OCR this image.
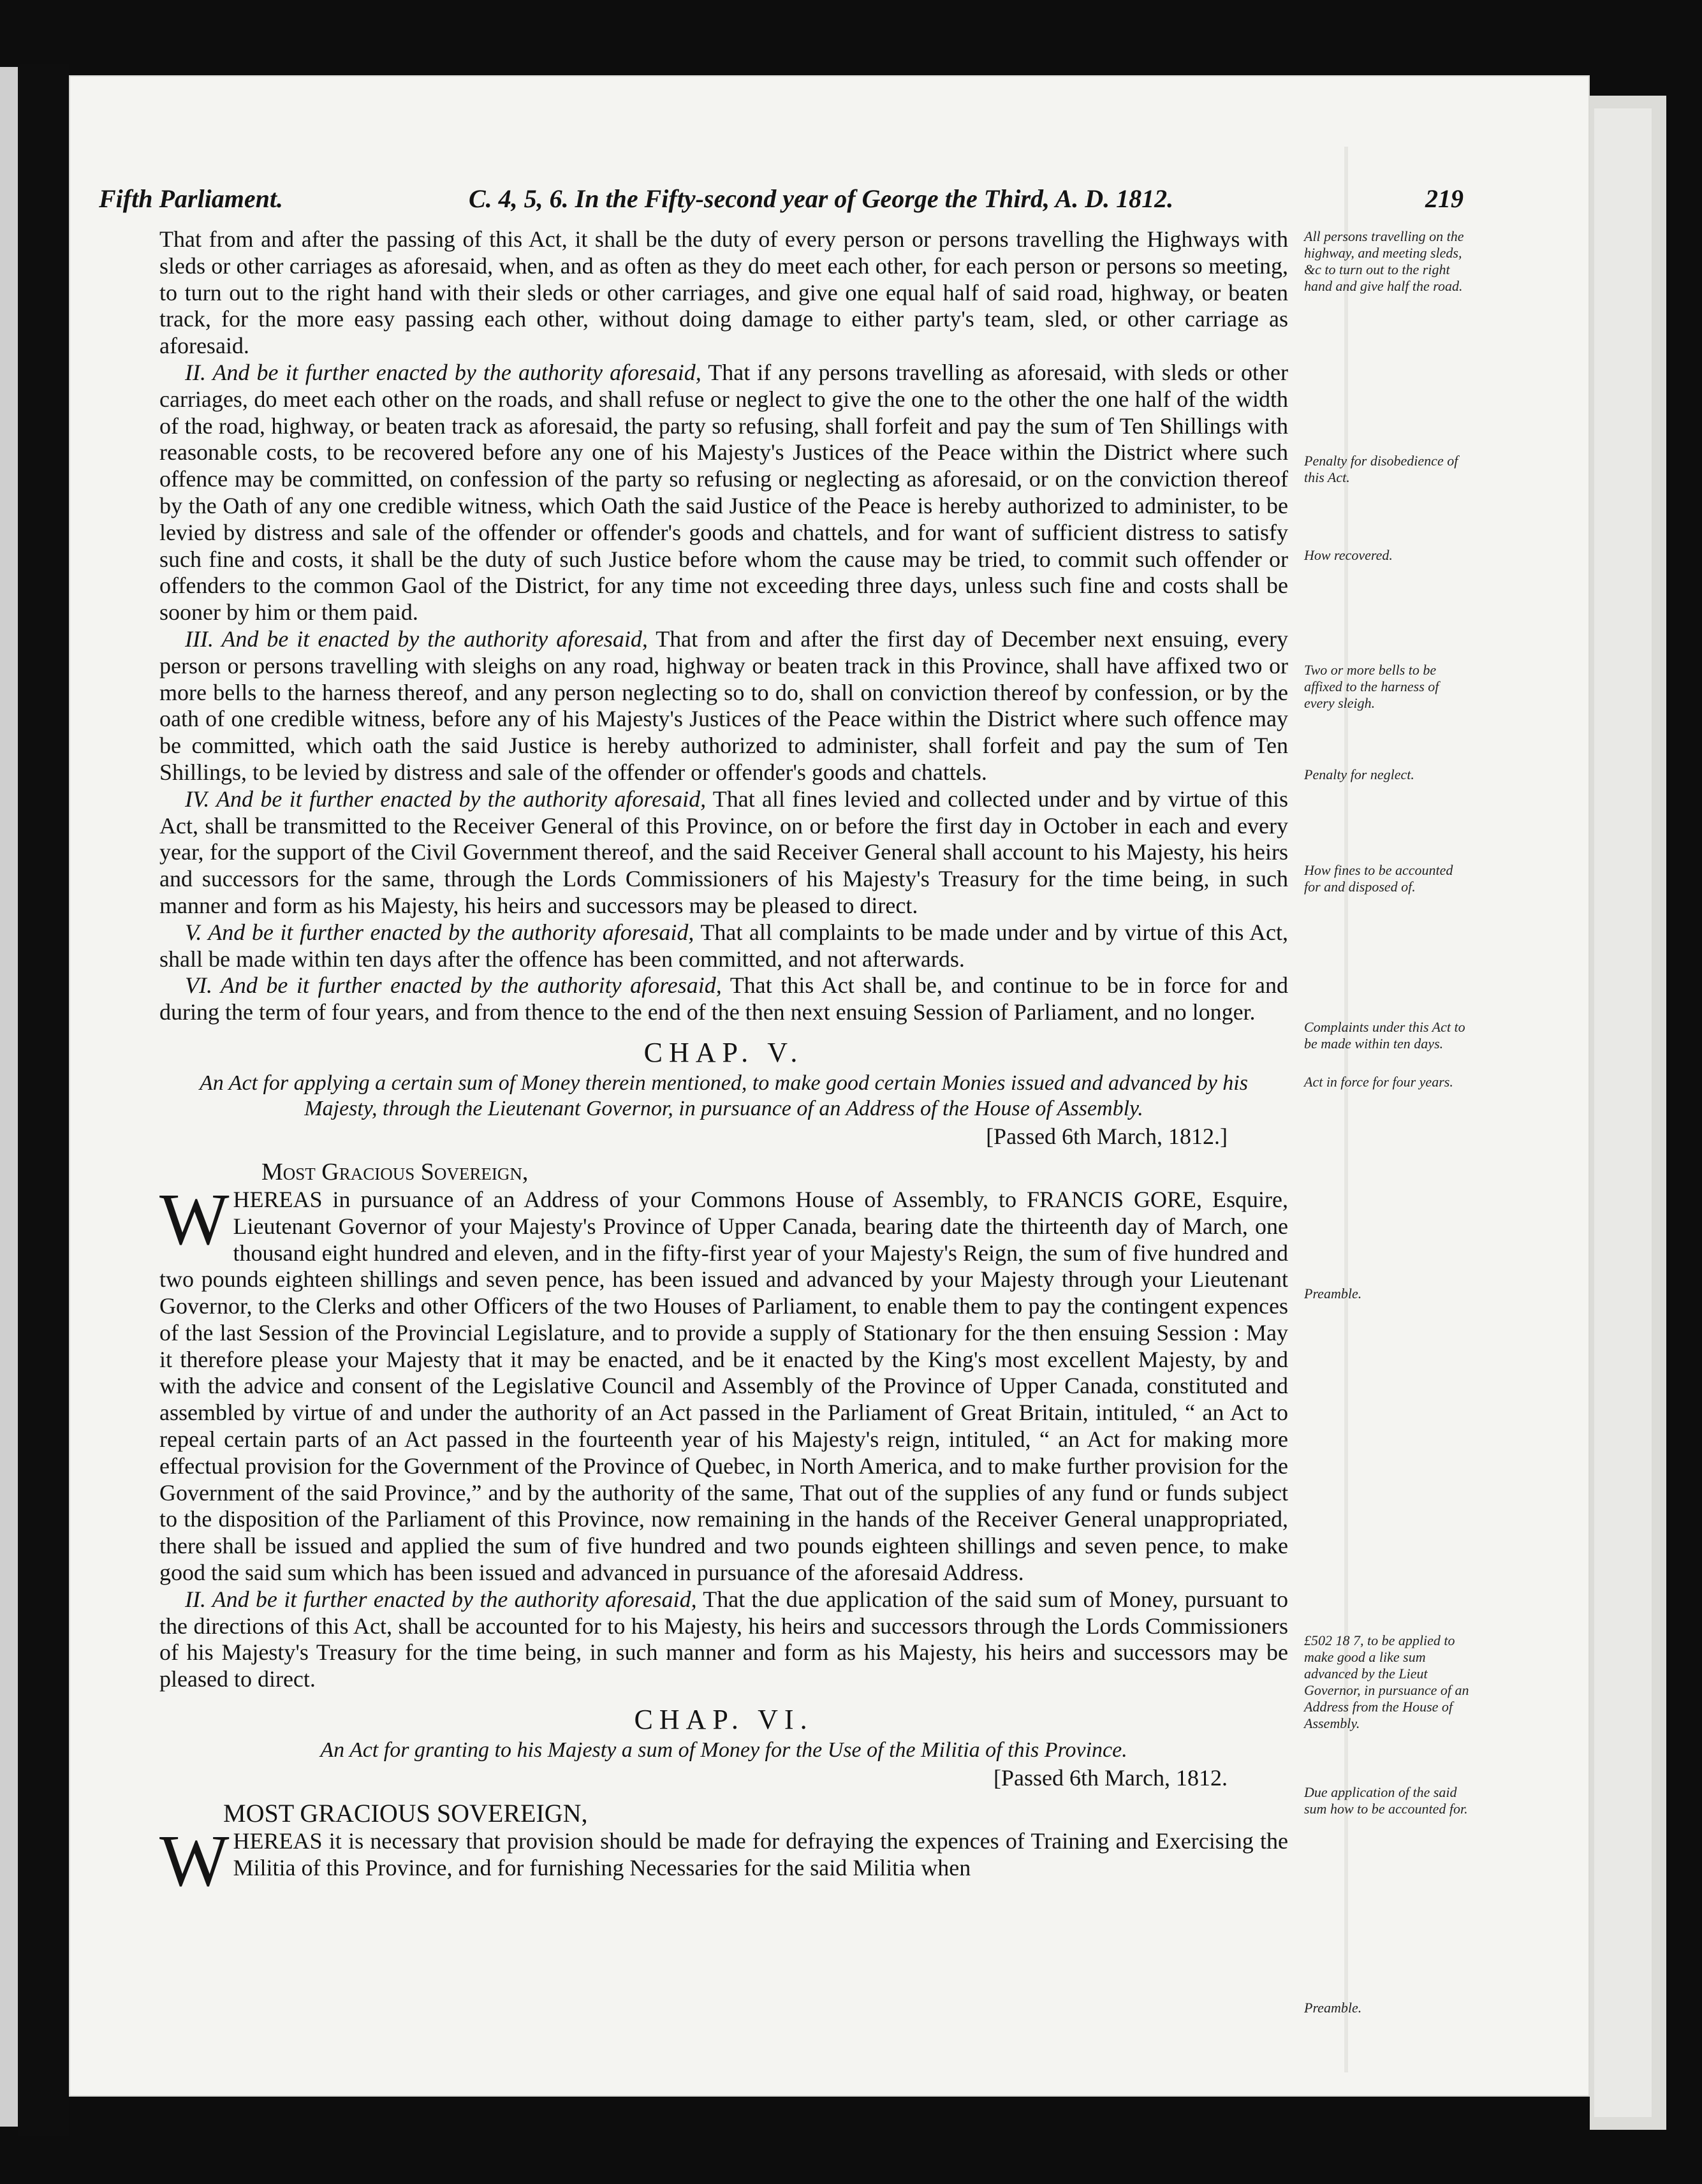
Fifth Parliament.	C. 4, 5, 6. In the Fifty-second year of George the Third, A. D. 1812.	219

That from and after the passing of this Act, it shall be the duty of every person or persons travelling the Highways with sleds or other carriages as aforesaid, when, and as often as they do meet each other, for each person or persons so meeting, to turn out to the right hand with their sleds or other carriages, and give one equal half of said road, highway, or beaten track, for the more easy passing each other, without doing damage to either party's team, sled, or other carriage as aforesaid.

II. And be it further enacted by the authority aforesaid, That if any persons travelling as aforesaid, with sleds or other carriages, do meet each other on the roads, and shall refuse or neglect to give the one to the other the one half of the width of the road, highway, or beaten track as aforesaid, the party so refusing, shall forfeit and pay the sum of Ten Shillings with reasonable costs, to be recovered before any one of his Majesty's Justices of the Peace within the District where such offence may be committed, on confession of the party so refusing or neglecting as aforesaid, or on the conviction thereof by the Oath of any one credible witness, which Oath the said Justice of the Peace is hereby authorized to administer, to be levied by distress and sale of the offender or offender's goods and chattels, and for want of sufficient distress to satisfy such fine and costs, it shall be the duty of such Justice before whom the cause may be tried, to commit such offender or offenders to the common Gaol of the District, for any time not exceeding three days, unless such fine and costs shall be sooner by him or them paid.

III. And be it enacted by the authority aforesaid, That from and after the first day of December next ensuing, every person or persons travelling with sleighs on any road, highway or beaten track in this Province, shall have affixed two or more bells to the harness thereof, and any person neglecting so to do, shall on conviction thereof by confession, or by the oath of one credible witness, before any of his Majesty's Justices of the Peace within the District where such offence may be committed, which oath the said Justice is hereby authorized to administer, shall forfeit and pay the sum of Ten Shillings, to be levied by distress and sale of the offender or offender's goods and chattels.

IV. And be it further enacted by the authority aforesaid, That all fines levied and collected under and by virtue of this Act, shall be transmitted to the Receiver General of this Province, on or before the first day in October in each and every year, for the support of the Civil Government thereof, and the said Receiver General shall account to his Majesty, his heirs and successors for the same, through the Lords Commissioners of his Majesty's Treasury for the time being, in such manner and form as his Majesty, his heirs and successors may be pleased to direct.

V. And be it further enacted by the authority aforesaid, That all complaints to be made under and by virtue of this Act, shall be made within ten days after the offence has been committed, and not afterwards.

VI. And be it further enacted by the authority aforesaid, That this Act shall be, and continue to be in force for and during the term of four years, and from thence to the end of the then next ensuing Session of Parliament, and no longer.

CHAP. V.
An Act for applying a certain sum of Money therein mentioned, to make good certain Monies issued and advanced by his Majesty, through the Lieutenant Governor, in pursuance of an Address of the House of Assembly.
[Passed 6th March, 1812.]
Most Gracious Sovereign,

WHEREAS in pursuance of an Address of your Commons House of Assembly, to FRANCIS GORE, Esquire, Lieutenant Governor of your Majesty's Province of Upper Canada, bearing date the thirteenth day of March, one thousand eight hundred and eleven, and in the fifty-first year of your Majesty's Reign, the sum of five hundred and two pounds eighteen shillings and seven pence, has been issued and advanced by your Majesty through your Lieutenant Governor, to the Clerks and other Officers of the two Houses of Parliament, to enable them to pay the contingent expences of the last Session of the Provincial Legislature, and to provide a supply of Stationary for the then ensuing Session : May it therefore please your Majesty that it may be enacted, and be it enacted by the King's most excellent Majesty, by and with the advice and consent of the Legislative Council and Assembly of the Province of Upper Canada, constituted and assembled by virtue of and under the authority of an Act passed in the Parliament of Great Britain, intituled, “ an Act to repeal certain parts of an Act passed in the fourteenth year of his Majesty's reign, intituled, “ an Act for making more effectual provision for the Government of the Province of Quebec, in North America, and to make further provision for the Government of the said Province,” and by the authority of the same, That out of the supplies of any fund or funds subject to the disposition of the Parliament of this Province, now remaining in the hands of the Receiver General unappropriated, there shall be issued and applied the sum of five hundred and two pounds eighteen shillings and seven pence, to make good the said sum which has been issued and advanced in pursuance of the aforesaid Address.

II. And be it further enacted by the authority aforesaid, That the due application of the said sum of Money, pursuant to the directions of this Act, shall be accounted for to his Majesty, his heirs and successors through the Lords Commissioners of his Majesty's Treasury for the time being, in such manner and form as his Majesty, his heirs and successors may be pleased to direct.

CHAP. VI.
An Act for granting to his Majesty a sum of Money for the Use of the Militia of this Province.
[Passed 6th March, 1812.
MOST GRACIOUS SOVEREIGN,

WHEREAS it is necessary that provision should be made for defraying the expences of Training and Exercising the Militia of this Province, and for furnishing Necessaries for the said Militia when

All persons travelling on the highway, and meeting sleds, &c to turn out to the right hand and give half the road.
Penalty for disobedience of this Act.
How recovered.
Two or more bells to be affixed to the harness of every sleigh.
Penalty for neglect.
How fines to be accounted for and disposed of.
Complaints under this Act to be made within ten days.
Act in force for four years.
Preamble.
£502 18 7, to be applied to make good a like sum advanced by the Lieut Governor, in pursuance of an Address from the House of Assembly.
Due application of the said sum how to be accounted for.
Preamble.
